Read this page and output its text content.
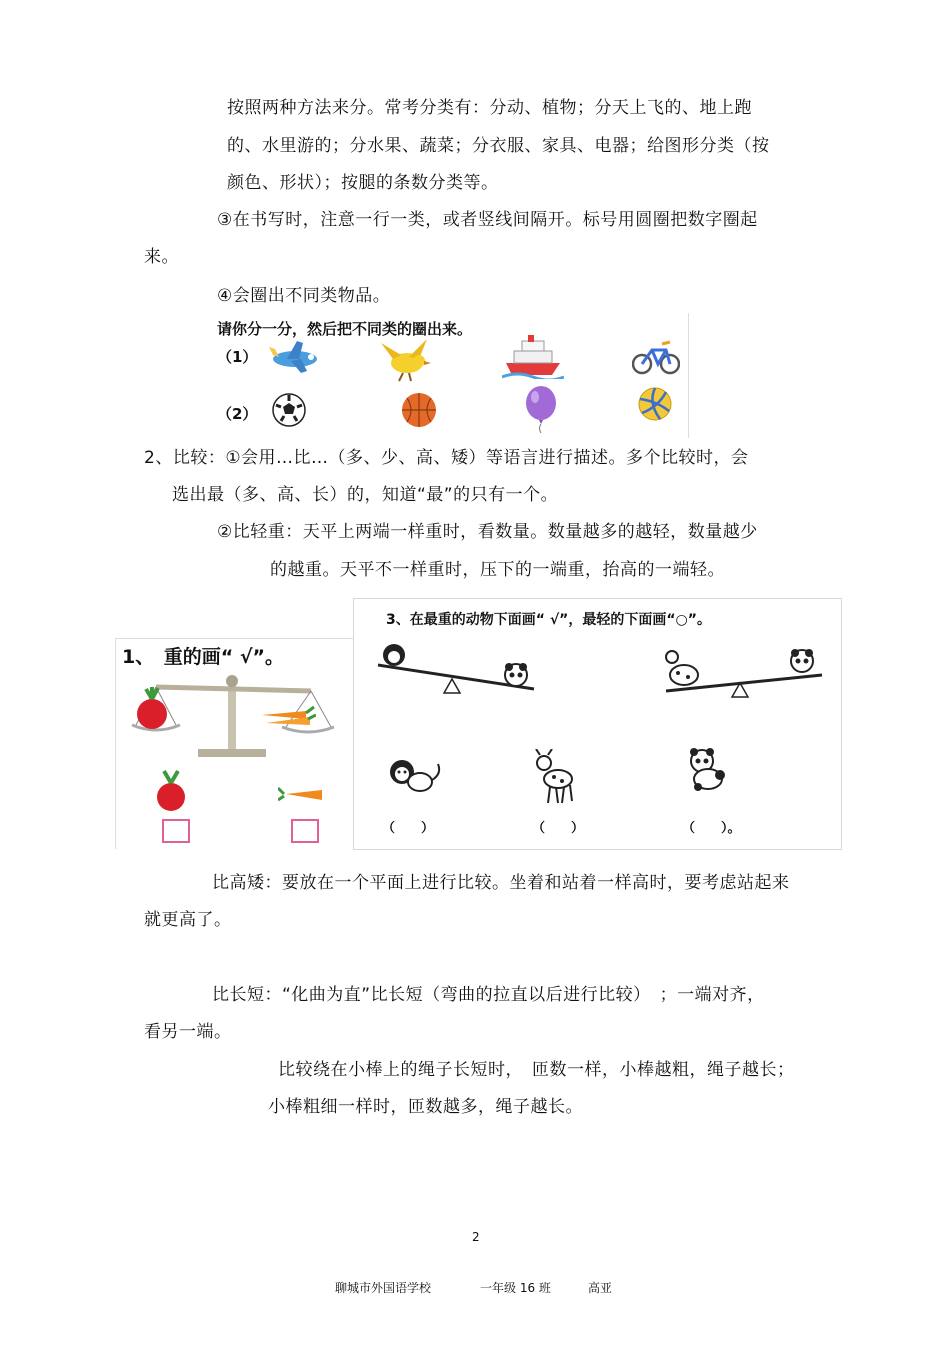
按照两种方法来分。常考分类有：分动、植物；分天上飞的、地上跑
的、水里游的；分水果、蔬菜；分衣服、家具、电器；给图形分类（按
颜色、形状）；按腿的条数分类等。
③在书写时，注意一行一类，或者竖线间隔开。标号用圆圈把数字圈起
来。
④会圈出不同类物品。
请你分一分，然后把不同类的圈出来。
（1）
（2）
2、比较：①会用…比…（多、少、高、矮）等语言进行描述。多个比较时，会
选出最（多、高、长）的，知道“最”的只有一个。
②比轻重：天平上两端一样重时，看数量。数量越多的越轻，数量越少
的越重。天平不一样重时，压下的一端重，抬高的一端轻。
1、　重的画“ √”。
3、在最重的动物下面画“ √”，最轻的下面画“○”。
（　　）	（　　）	（　　）。
比高矮：要放在一个平面上进行比较。坐着和站着一样高时，要考虑站起来
就更高了。
比长短：“化曲为直”比长短（弯曲的拉直以后进行比较）　；一端对齐，
看另一端。
比较绕在小棒上的绳子长短时，　匝数一样，小棒越粗，绳子越长；
小棒粗细一样时，匝数越多，绳子越长。
2
聊城市外国语学校	一年级 16 班	高亚
